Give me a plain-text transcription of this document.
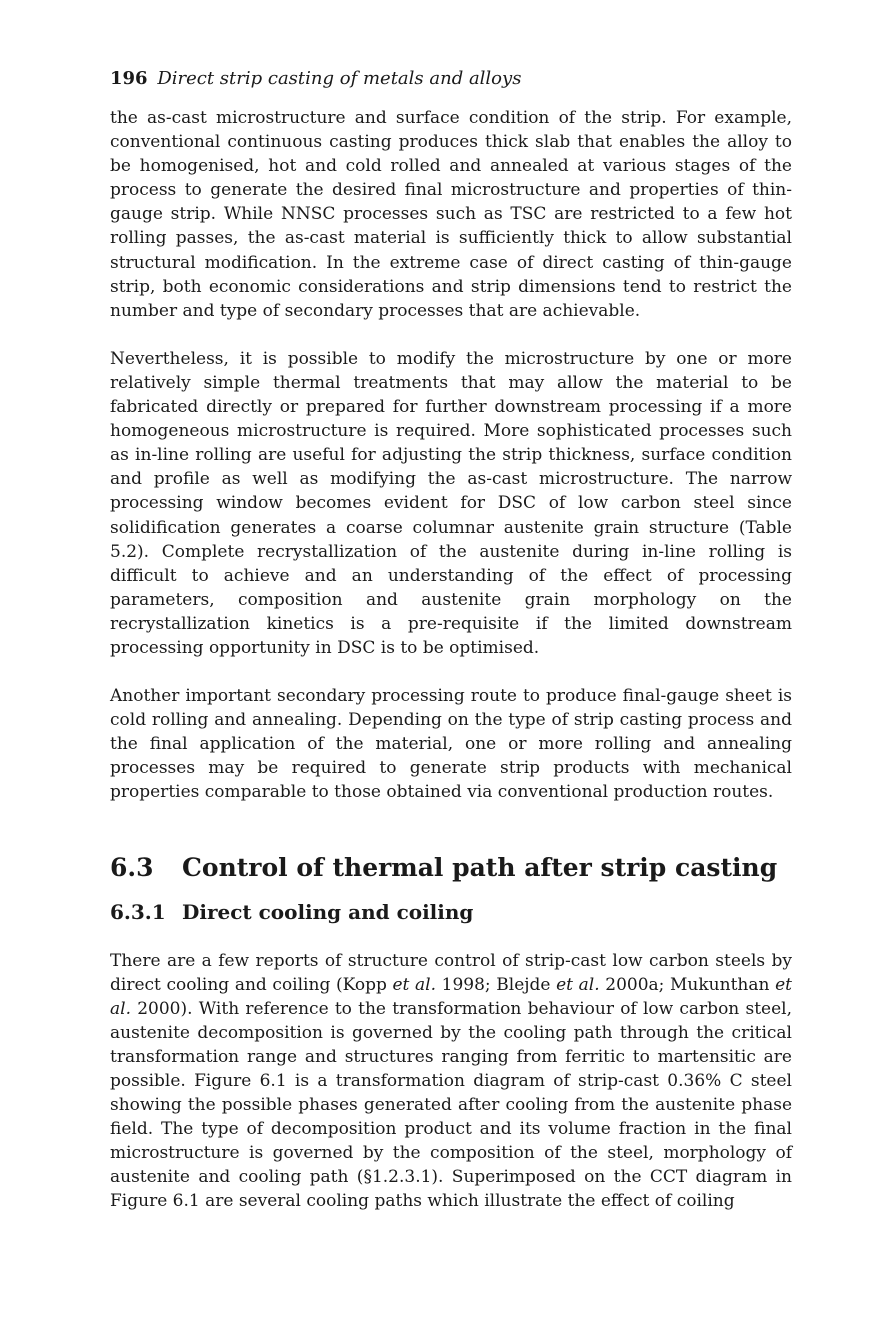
196 Direct strip casting of metals and alloys

the as-cast microstructure and surface condition of the strip. For example, conventional continuous casting produces thick slab that enables the alloy to be homogenised, hot and cold rolled and annealed at various stages of the process to generate the desired final microstructure and properties of thin-gauge strip. While NNSC processes such as TSC are restricted to a few hot rolling passes, the as-cast material is sufficiently thick to allow substantial structural modification. In the extreme case of direct casting of thin-gauge strip, both economic considerations and strip dimensions tend to restrict the number and type of secondary processes that are achievable.

Nevertheless, it is possible to modify the microstructure by one or more relatively simple thermal treatments that may allow the material to be fabricated directly or prepared for further downstream processing if a more homogeneous microstructure is required. More sophisticated processes such as in-line rolling are useful for adjusting the strip thickness, surface condition and profile as well as modifying the as-cast microstructure. The narrow processing window becomes evident for DSC of low carbon steel since solidification generates a coarse columnar austenite grain structure (Table 5.2). Complete recrystallization of the austenite during in-line rolling is difficult to achieve and an understanding of the effect of processing parameters, composition and austenite grain morphology on the recrystallization kinetics is a pre-requisite if the limited downstream processing opportunity in DSC is to be optimised.

Another important secondary processing route to produce final-gauge sheet is cold rolling and annealing. Depending on the type of strip casting process and the final application of the material, one or more rolling and annealing processes may be required to generate strip products with mechanical properties comparable to those obtained via conventional production routes.

6.3 Control of thermal path after strip casting
6.3.1 Direct cooling and coiling

There are a few reports of structure control of strip-cast low carbon steels by direct cooling and coiling (Kopp et al. 1998; Blejde et al. 2000a; Mukunthan et al. 2000). With reference to the transformation behaviour of low carbon steel, austenite decomposition is governed by the cooling path through the critical transformation range and structures ranging from ferritic to martensitic are possible. Figure 6.1 is a transformation diagram of strip-cast 0.36% C steel showing the possible phases generated after cooling from the austenite phase field. The type of decomposition product and its volume fraction in the final microstructure is governed by the composition of the steel, morphology of austenite and cooling path (§1.2.3.1). Superimposed on the CCT diagram in Figure 6.1 are several cooling paths which illustrate the effect of coiling
